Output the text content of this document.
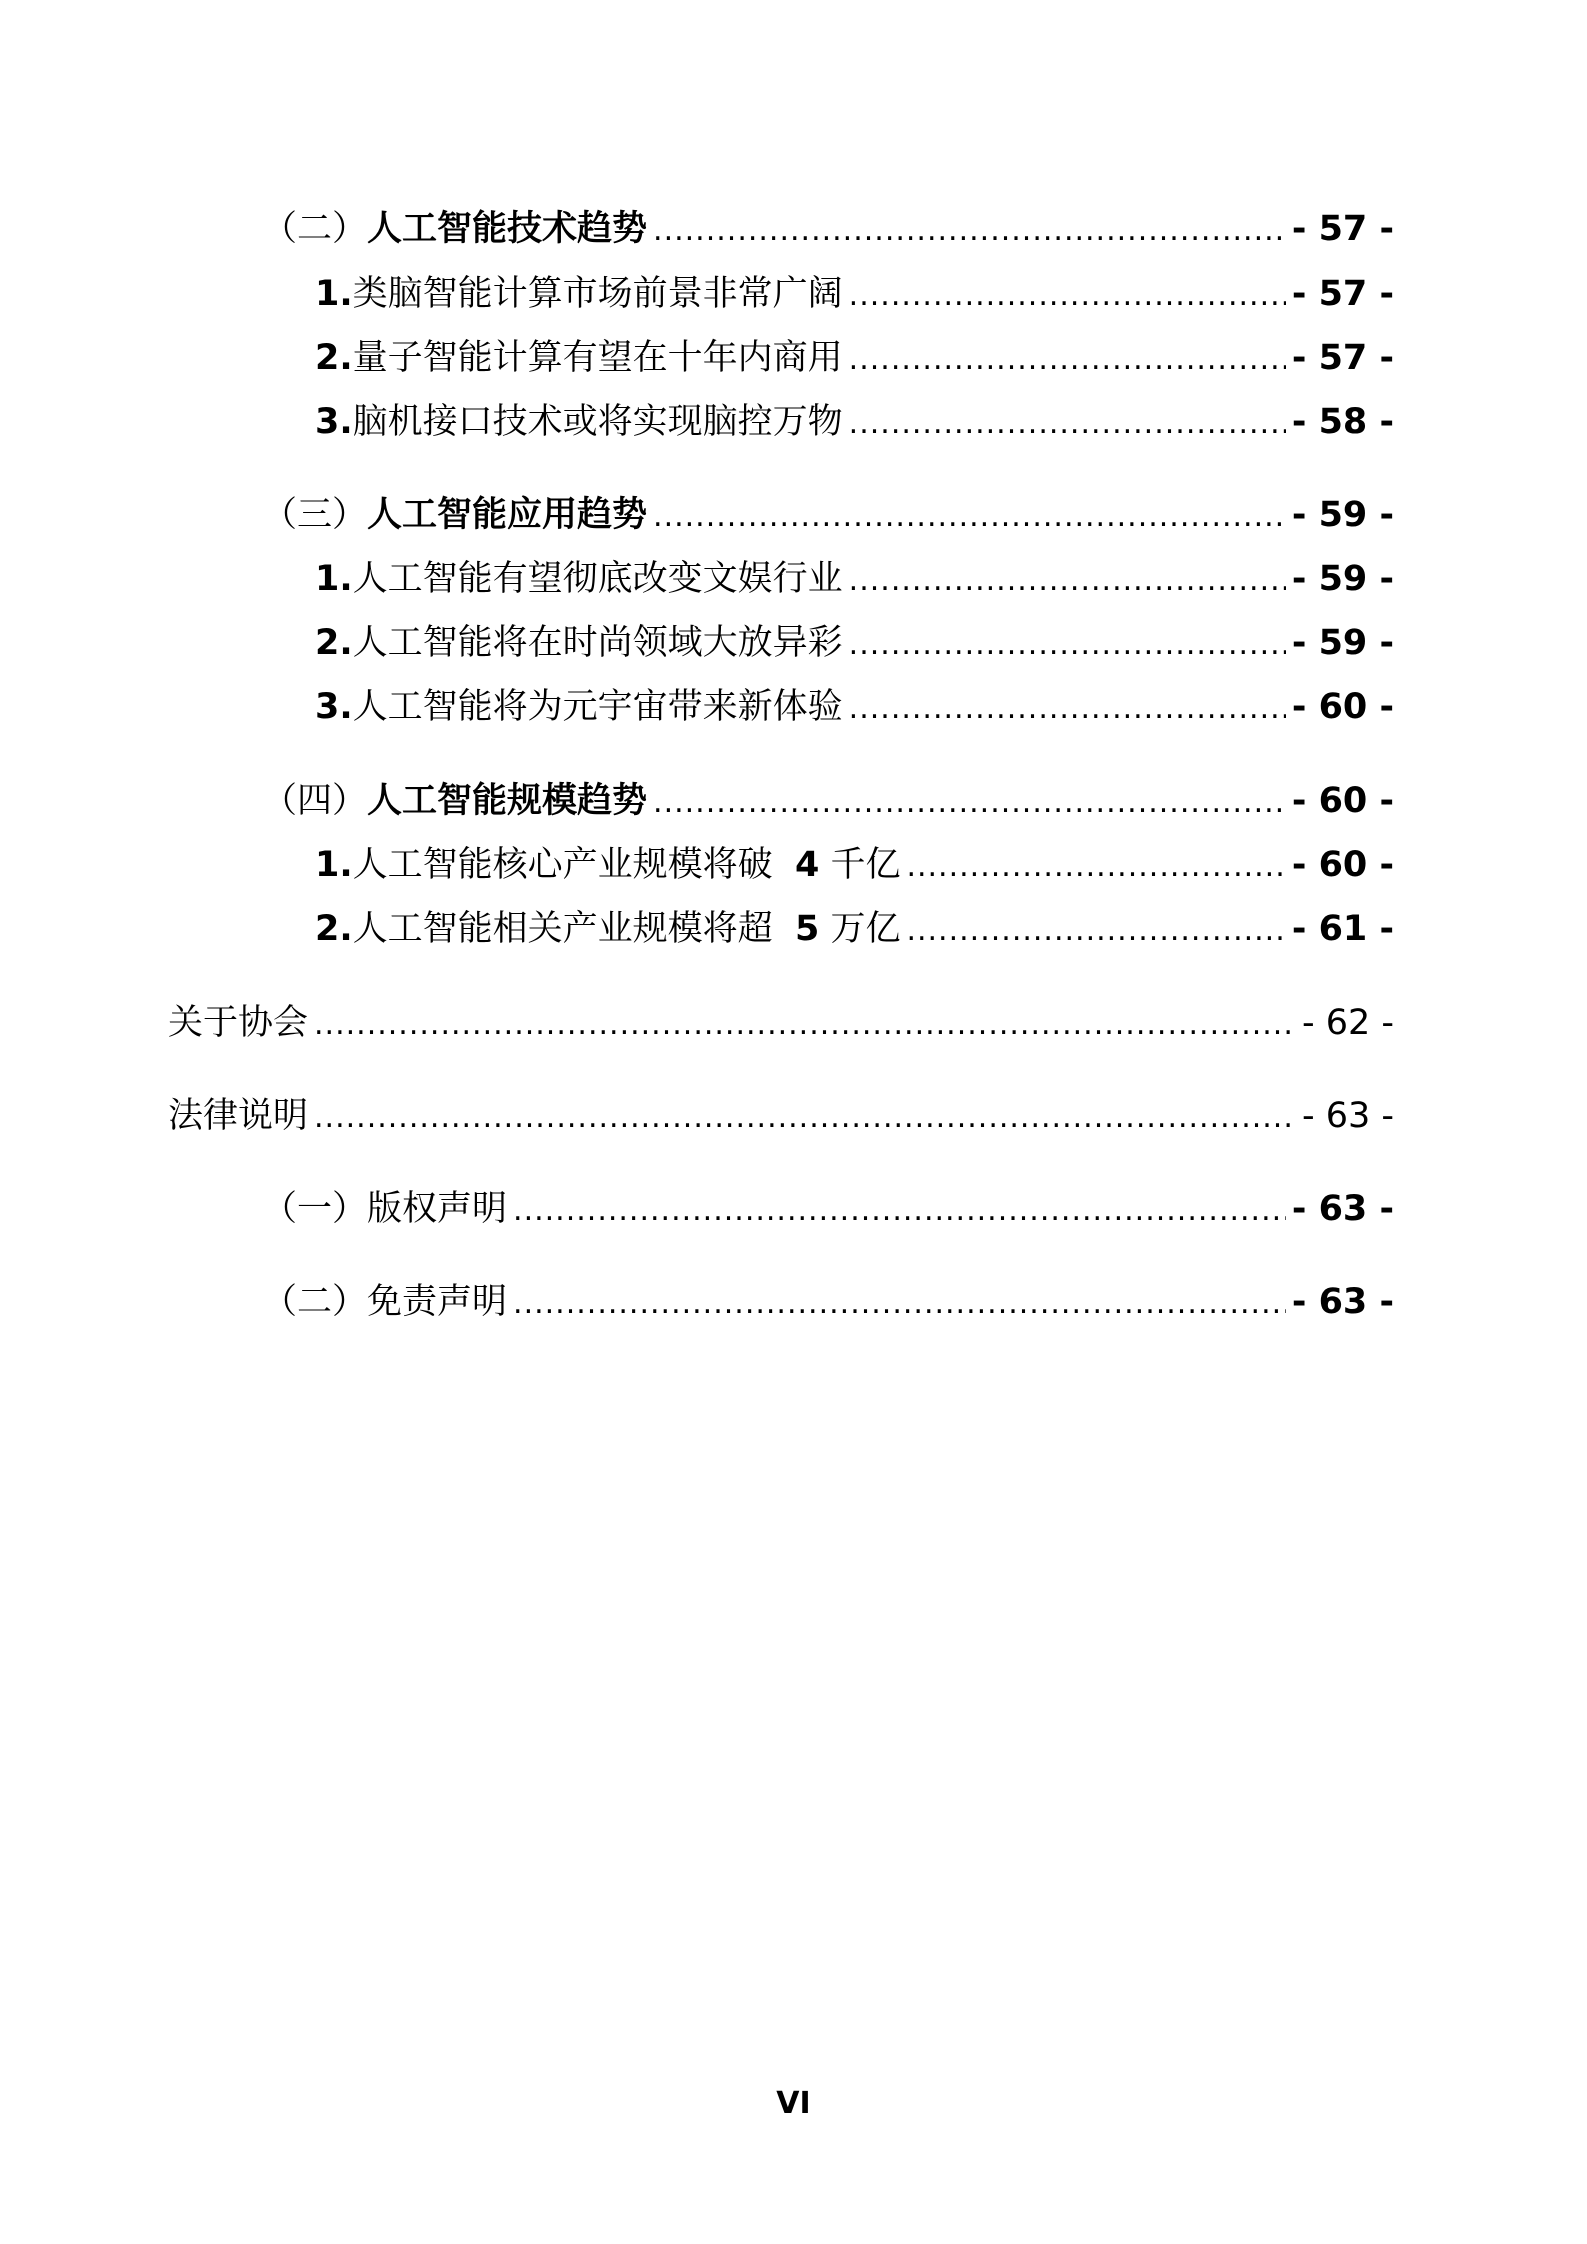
（二） 人工智能技术趋势 .....	- 57 -
1. 类脑智能计算市场前景非常广阔 .....	- 57 -
2. 量子智能计算有望在十年内商用 .....	- 57 -
3. 脑机接口技术或将实现脑控万物 .....	- 58 -
（三） 人工智能应用趋势 .....	- 59 -
1. 人工智能有望彻底改变文娱行业 .....	- 59 -
2. 人工智能将在时尚领域大放异彩 .....	- 59 -
3. 人工智能将为元宇宙带来新体验 .....	- 60 -
（四） 人工智能规模趋势 .....	- 60 -
1. 人工智能核心产业规模将破 4 千亿 .....	- 60 -
2. 人工智能相关产业规模将超 5 万亿 .....	- 61 -
关于协会 .....	- 62 -
法律说明 .....	- 63 -
（一） 版权声明 .....	- 63 -
（二） 免责声明 .....	- 63 -
VI
